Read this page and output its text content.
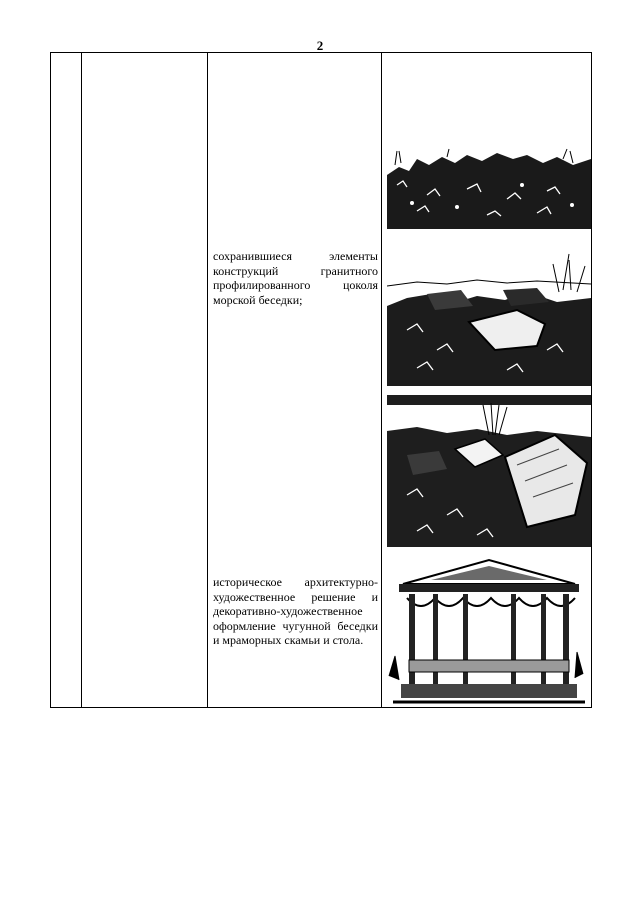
2
сохранившиеся элементы конструкций гранитного профилированного цоколя морской беседки;
историческое архитектурно-художественное решение и декоративно-художественное оформление чугунной беседки и мраморных скамьи и стола.
